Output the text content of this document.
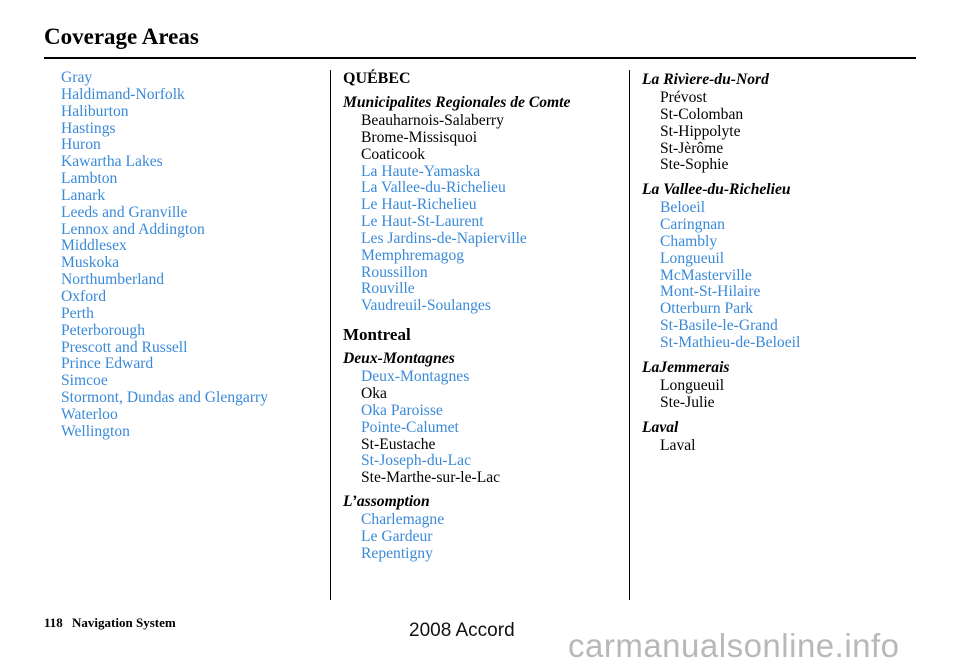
Coverage Areas
Gray
Haldimand-Norfolk
Haliburton
Hastings
Huron
Kawartha Lakes
Lambton
Lanark
Leeds and Granville
Lennox and Addington
Middlesex
Muskoka
Northumberland
Oxford
Perth
Peterborough
Prescott and Russell
Prince Edward
Simcoe
Stormont, Dundas and Glengarry
Waterloo
Wellington
QUÉBEC
Municipalites Regionales de Comte
Beauharnois-Salaberry
Brome-Missisquoi
Coaticook
La Haute-Yamaska
La Vallee-du-Richelieu
Le Haut-Richelieu
Le Haut-St-Laurent
Les Jardins-de-Napierville
Memphremagog
Roussillon
Rouville
Vaudreuil-Soulanges
Montreal
Deux-Montagnes
Deux-Montagnes
Oka
Oka Paroisse
Pointe-Calumet
St-Eustache
St-Joseph-du-Lac
Ste-Marthe-sur-le-Lac
L’assomption
Charlemagne
Le Gardeur
Repentigny
La Rivìere-du-Nord
Prévost
St-Colomban
St-Hippolyte
St-Jèrôme
Ste-Sophie
La Vallee-du-Richelieu
Beloeil
Caringnan
Chambly
Longueuil
McMasterville
Mont-St-Hilaire
Otterburn Park
St-Basile-le-Grand
St-Mathieu-de-Beloeil
LaJemmerais
Longueuil
Ste-Julie
Laval
Laval
118 Navigation System	2008 Accord carmanualsonline.info
